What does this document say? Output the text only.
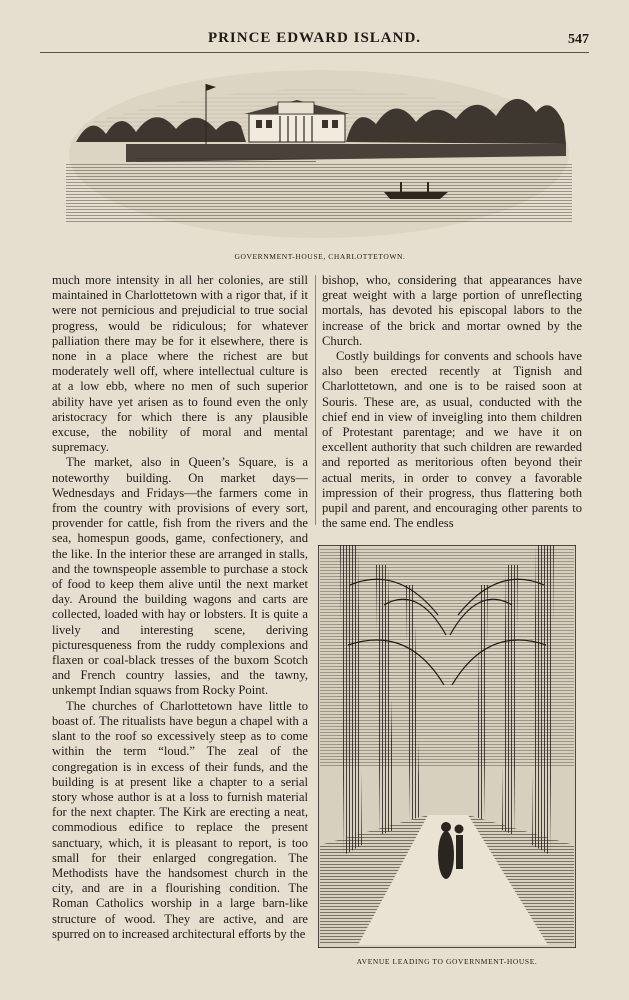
PRINCE EDWARD ISLAND.	547
GOVERNMENT-HOUSE, CHARLOTTETOWN.

much more intensity in all her colonies, are still maintained in Charlottetown with a rigor that, if it were not pernicious and prejudicial to true social progress, would be ridiculous; for whatever palliation there may be for it elsewhere, there is none in a place where the richest are but moderately well off, where intellectual culture is at a low ebb, where no men of such superior ability have yet arisen as to found even the only aristocracy for which there is any plausible excuse, the nobility of moral and mental supremacy.

The market, also in Queen’s Square, is a noteworthy building. On market days—Wednesdays and Fridays—the farmers come in from the country with provisions of every sort, provender for cattle, fish from the rivers and the sea, homespun goods, game, confectionery, and the like. In the interior these are arranged in stalls, and the townspeople assemble to purchase a stock of food to keep them alive until the next market day. Around the building wagons and carts are collected, loaded with hay or lobsters. It is quite a lively and interesting scene, deriving picturesqueness from the ruddy complexions and flaxen or coal-black tresses of the buxom Scotch and French country lassies, and the tawny, unkempt Indian squaws from Rocky Point.

The churches of Charlottetown have little to boast of. The ritualists have begun a chapel with a slant to the roof so excessively steep as to come within the term “loud.” The zeal of the congregation is in excess of their funds, and the building is at present like a chapter to a serial story whose author is at a loss to furnish material for the next chapter. The Kirk are erecting a neat, commodious edifice to replace the present sanctuary, which, it is pleasant to report, is too small for their enlarged congregation. The Methodists have the handsomest church in the city, and are in a flourishing condition. The Roman Catholics worship in a large barn-like structure of wood. They are active, and are spurred on to increased architectural efforts by the

bishop, who, considering that appearances have great weight with a large portion of unreflecting mortals, has devoted his episcopal labors to the increase of the brick and mortar owned by the Church.

Costly buildings for convents and schools have also been erected recently at Tignish and Charlottetown, and one is to be raised soon at Souris. These are, as usual, conducted with the chief end in view of inveigling into them children of Protestant parentage; and we have it on excellent authority that such children are rewarded and reported as meritorious often beyond their actual merits, in order to convey a favorable impression of their progress, thus flattering both pupil and parent, and encouraging other parents to the same end. The endless

AVENUE LEADING TO GOVERNMENT-HOUSE.
